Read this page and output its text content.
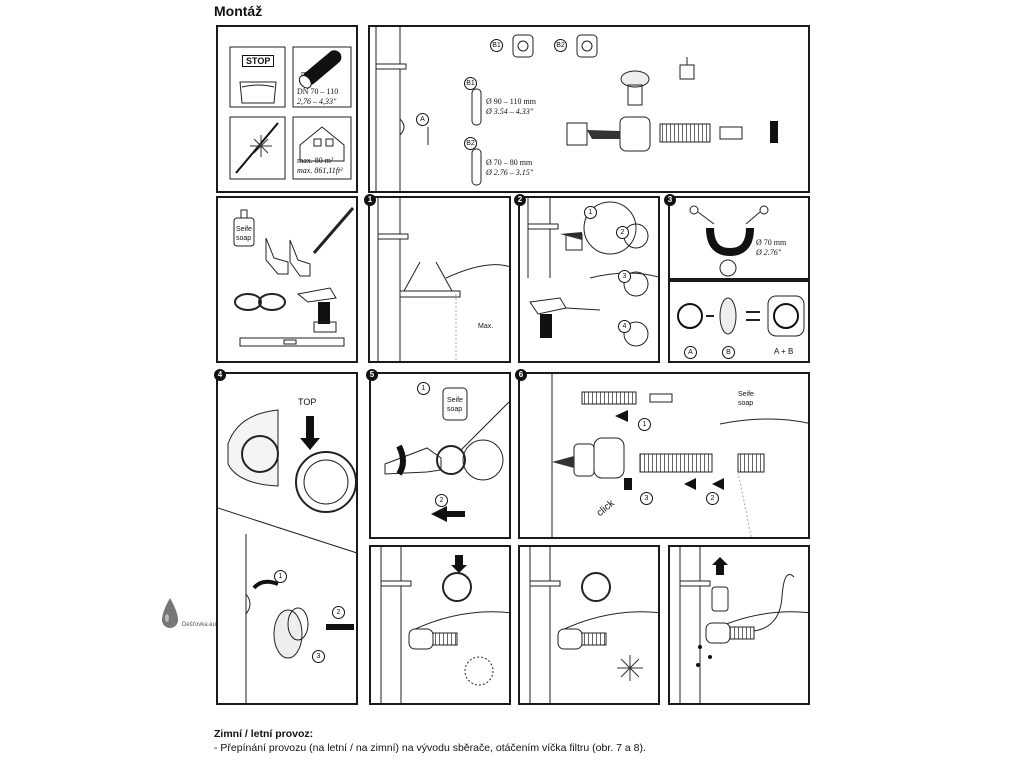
Montáž
STOP
max.
DN 70 – 110
2,76 – 4,33"
max. 80 m²
max. 861,11ft²
A
B1	B2
B1
B2
Ø 90 – 110 mm
Ø 3.54 – 4.33"
Ø 70 – 80 mm
Ø 2.76 – 3.15"
Seife
soap
1
Max.
2
1
2
3
4
3
Ø 70 mm
Ø 2.76"
A	B	A + B
4
TOP
1
2
3
5
1
2
Seife
soap
6
1
2
3
click
Seife
soap
Dešťovka.eu
Zimní / letní provoz:
- Přepínání provozu (na letní / na zimní) na vývodu sběrače, otáčením víčka filtru (obr. 7 a 8).
